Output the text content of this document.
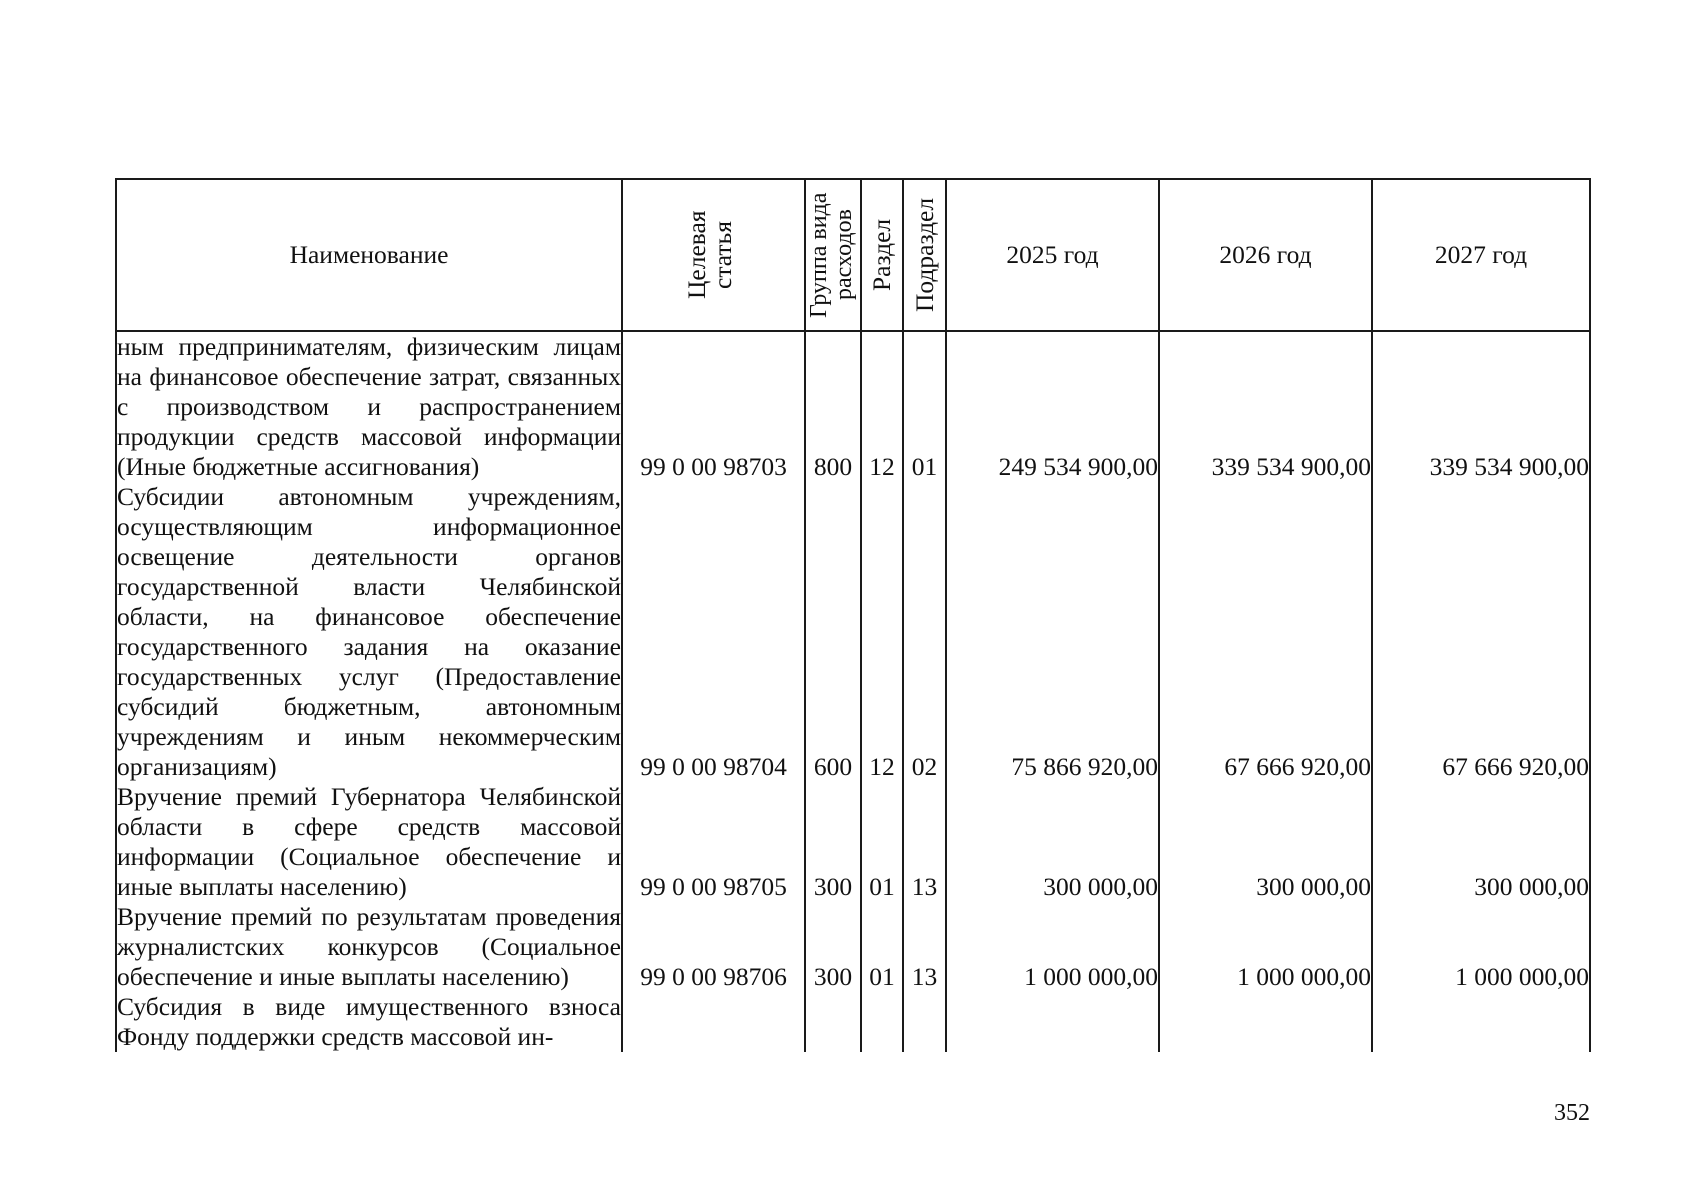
Наименование	Целевая статья	Группа вида расходов	Раздел	Подраздел	2025 год	2026 год	2027 год

ным предпринимателям, физическим лицам на финансовое обеспечение затрат, связанных с производством и распространением продукции средств массовой информации (Иные бюджетные ассигнования)	99 0 00 98703	800	12	01	249 534 900,00	339 534 900,00	339 534 900,00
Субсидии автономным учреждениям, осуществляющим информационное освещение деятельности органов государственной власти Челябинской области, на финансовое обеспечение государственного задания на оказание государственных услуг (Предоставление субсидий бюджетным, автономным учреждениям и иным некоммерческим организациям)	99 0 00 98704	600	12	02	75 866 920,00	67 666 920,00	67 666 920,00
Вручение премий Губернатора Челябинской области в сфере средств массовой информации (Социальное обеспечение и иные выплаты населению)	99 0 00 98705	300	01	13	300 000,00	300 000,00	300 000,00
Вручение премий по результатам проведения журналистских конкурсов (Социальное обеспечение и иные выплаты населению)	99 0 00 98706	300	01	13	1 000 000,00	1 000 000,00	1 000 000,00
Субсидия в виде имущественного взноса Фонду поддержки средств массовой ин-							
352
